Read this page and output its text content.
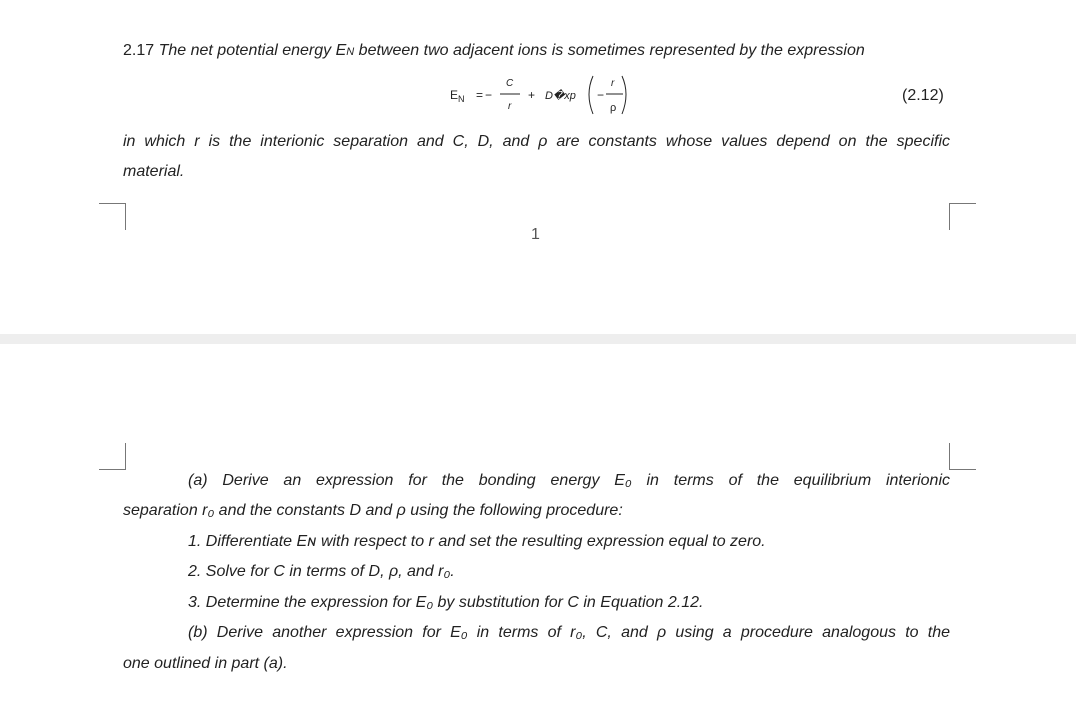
2.17 The net potential energy EN between two adjacent ions is sometimes represented by the expression
E N = −
C
r
+ D�xp −
r
ρ
(2.12)
in which r is the interionic separation and C, D, and ρ are constants whose values depend on the specific
material.
1
(a) Derive an expression for the bonding energy E₀ in terms of the equilibrium interionic
separation r₀ and the constants D and ρ using the following procedure:
1. Differentiate Eɴ with respect to r and set the resulting expression equal to zero.
2. Solve for C in terms of D, ρ, and r₀.
3. Determine the expression for E₀ by substitution for C in Equation 2.12.
(b) Derive another expression for E₀ in terms of r₀, C, and ρ using a procedure analogous to the
one outlined in part (a).
